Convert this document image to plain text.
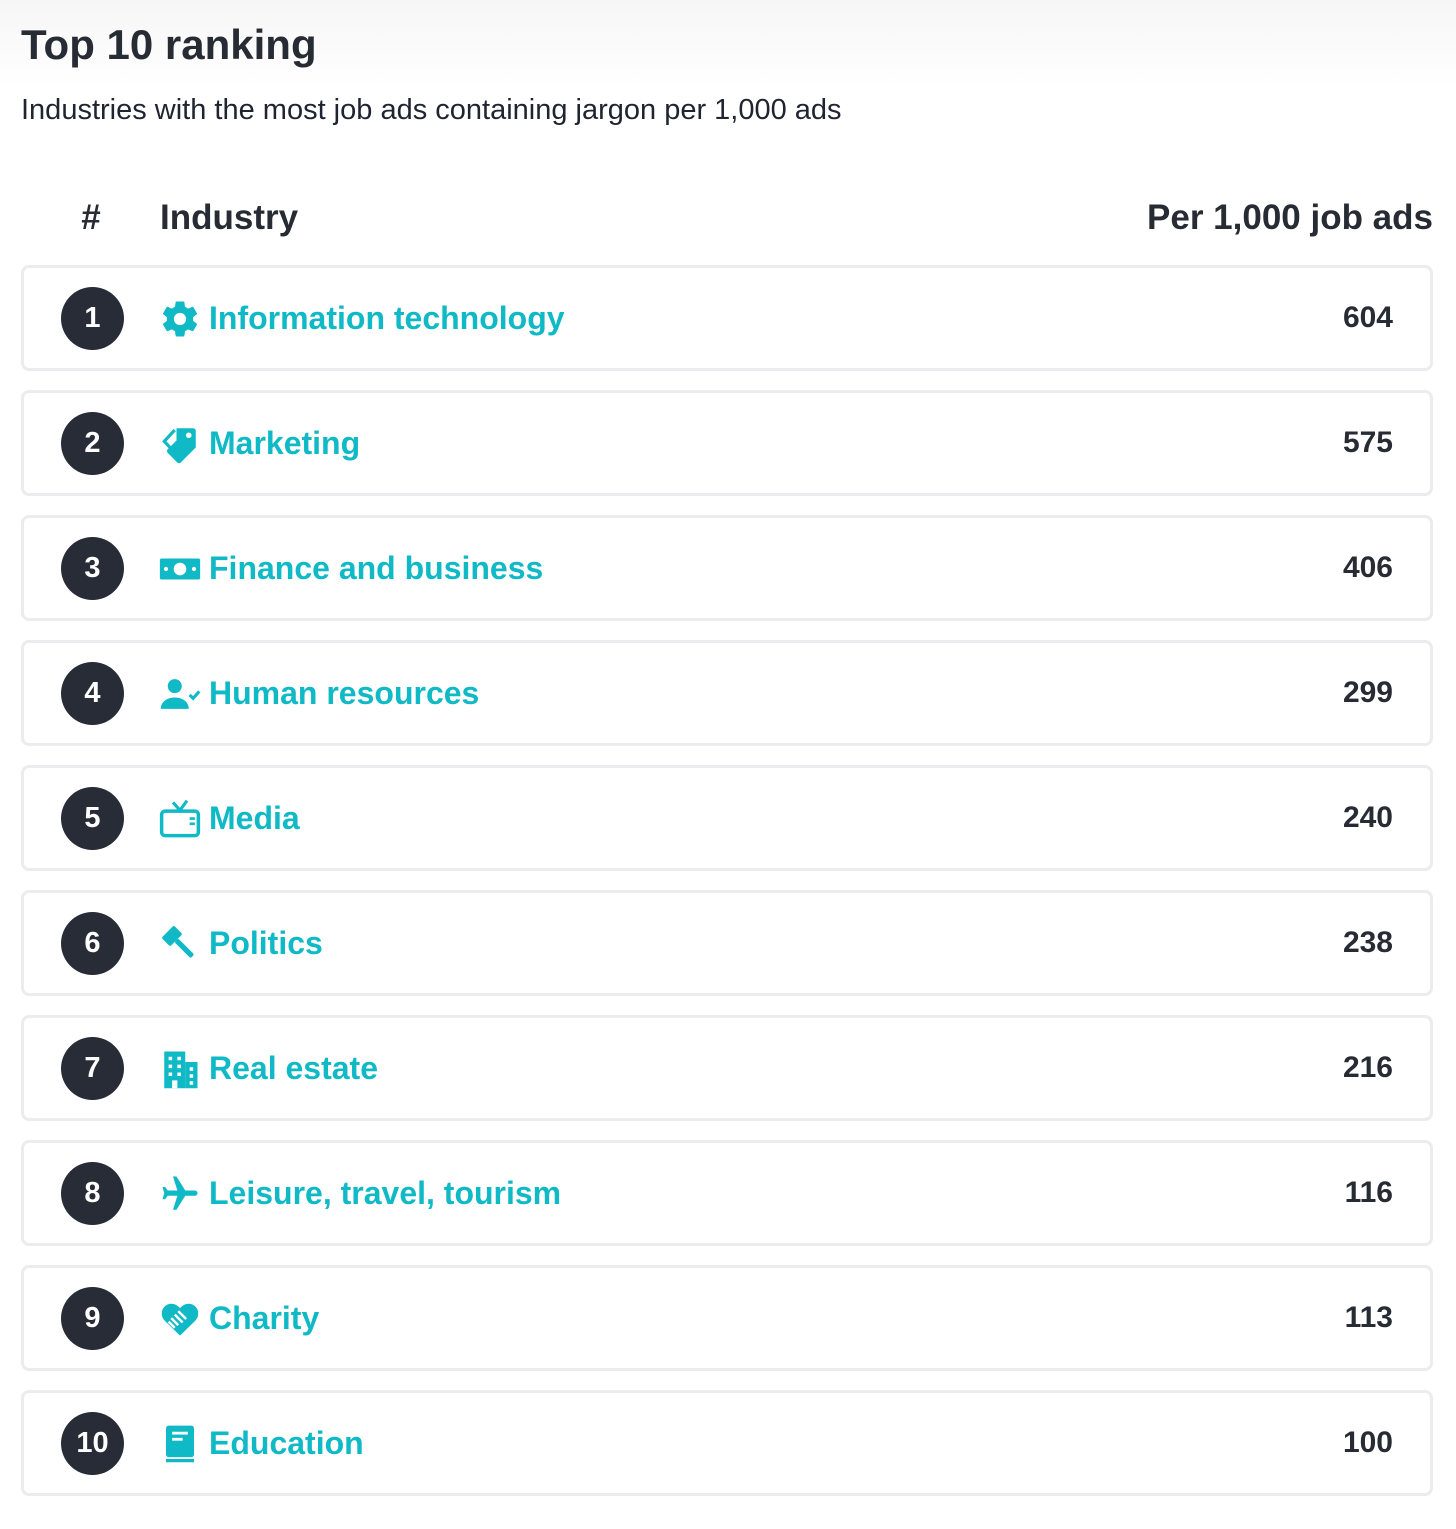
Top 10 ranking

Industries with the most job ads containing jargon per 1,000 ads

#	Industry	Per 1,000 job ads
1	Information technology	604
2	Marketing	575
3	Finance and business	406
4	Human resources	299
5	Media	240
6	Politics	238
7	Real estate	216
8	Leisure, travel, tourism	116
9	Charity	113
10	Education	100
